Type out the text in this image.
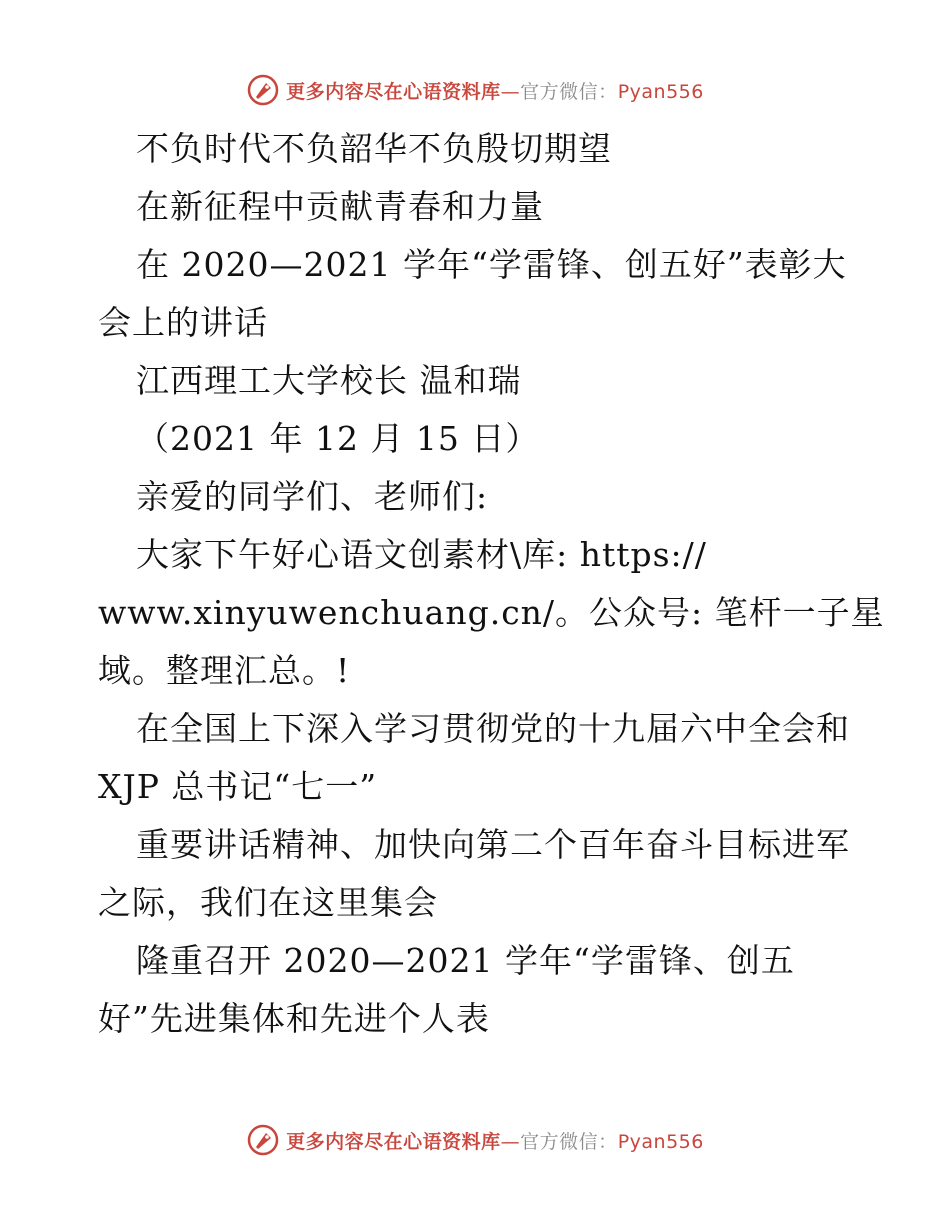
更多内容尽在心语资料库—官方微信：Pyan556
不负时代不负韶华不负殷切期望
在新征程中贡献青春和力量
在 2020—2021 学年“学雷锋、创五好”表彰大
会上的讲话
江西理工大学校长 温和瑞
（2021 年 12 月 15 日）
亲爱的同学们、老师们:
大家下午好心语文创素材\库: https://
www.xinyuwenchuang.cn/。公众号: 笔杆一子星
域。整理汇总。!
在全国上下深入学习贯彻党的十九届六中全会和
XJP 总书记“七一”
重要讲话精神、加快向第二个百年奋斗目标进军
之际，我们在这里集会
隆重召开 2020—2021 学年“学雷锋、创五
好”先进集体和先进个人表
更多内容尽在心语资料库—官方微信：Pyan556
